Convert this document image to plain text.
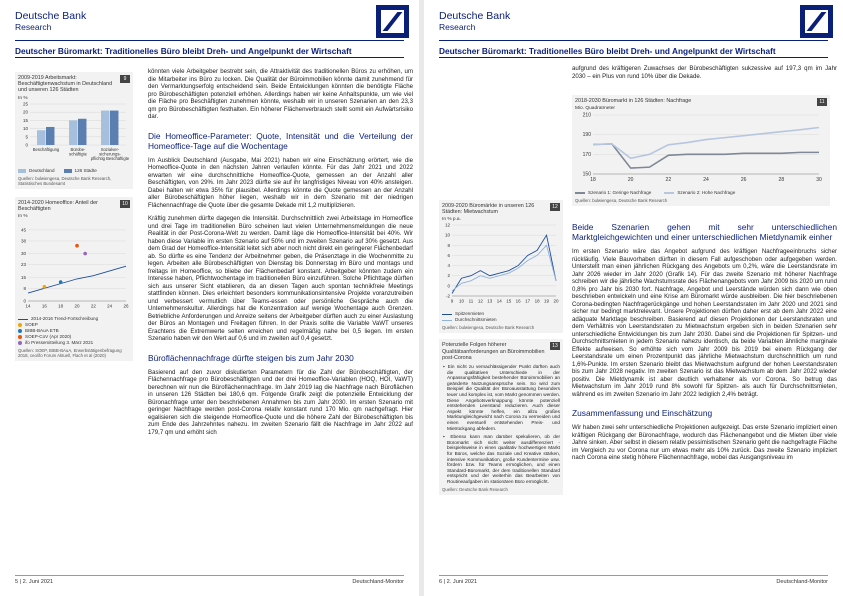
Deutsche Bank
Research
Deutscher Büromarkt: Traditionelles Büro bleibt Dreh- und Angelpunkt der Wirtschaft
2009-2019 Arbeitsmarkt: Beschäftigtenwachstum in Deutschland und unseren 126 Städten
9
In %
0
5
10
15
20
25
Beschäftigung	Bürobe-
schäftigte
Sozialver-
sicherungs-
pflichtig Beschäftigte
Deutschland	126 Städte
Quellen: bulwiengesa, Deutsche Bank Research, Statistisches Bundesamt
2014-2020 Homeoffice: Anteil der Beschäftigten
10
In %
0
8
15
23
30
38
45
14	16	18	20	22	24	26
2014-2016 Trend-Fortschreibung
SOEP
BIBB-BAuA ETB
SOEP-CoV (Apr 2020)
ifo Pressemitteilung 3. März 2021
Quellen: SOEP, BIBB-BAuA, Erwerbstätigenbefragung 2018, ceo/ifo Forum Aktuell, Flach et al (2020)

könnten viele Arbeitgeber bestrebt sein, die Attraktivität des traditionellen Büros zu erhöhen, um die Mitarbeiter ins Büro zu locken. Die Qualität der Büroimmobilien könnte damit zunehmend für den Vermarktungserfolg entscheidend sein. Beide Entwicklungen könnten die benötigte Fläche pro Bürobeschäftigten potenziell erhöhen. Allerdings haben wir keine Anhaltspunkte, um wie viel die Fläche pro Beschäftigten zunehmen könnte, weshalb wir in unseren Szenarien an den 23,3 qm pro Bürobeschäftigten festhalten. Ein höherer Flächenverbrauch stellt somit ein Aufwärtsrisiko dar.

Die Homeoffice-Parameter: Quote, Intensität und die Verteilung der Homeoffice-Tage auf die Wochentage

Im Ausblick Deutschland (Ausgabe, Mai 2021) haben wir eine Einschätzung erörtert, wie die Homeoffice-Quote in den nächsten Jahren verlaufen könnte. Für das Jahr 2021 und 2022 erwarten wir eine durchschnittliche Homeoffice-Quote, gemessen an der Anzahl aller Beschäftigten, von 29%. Im Jahr 2023 dürfte sie auf ihr langfristiges Niveau von 40% ansteigen. Dabei halten wir etwa 35% für plausibel. Allerdings könnte die Quote gemessen an der Anzahl aller Bürobeschäftigten höher liegen, weshalb wir in dem Szenario mit der niedrigen Flächennachfrage die Quote über die gesamte Dekade mit 1,2 multiplizieren.

Kräftig zunehmen dürfte dagegen die Intensität. Durchschnittlich zwei Arbeitstage im Homeoffice und drei Tage im traditionellen Büro scheinen laut vielen Unternehmensmeldungen die neue Realität in der Post-Corona-Welt zu werden. Damit läge die Homeoffice-Intensität bei 40%. Wir haben diese Variable im ersten Szenario auf 50% und im zweiten Szenario auf 30% gesetzt. Aus dem Grad der Homeoffice-Intensität leitet sich aber noch nicht direkt ein geringerer Flächenbedarf ab. So dürfte es eine Tendenz der Arbeitnehmer geben, die Präsenztage in die Wochenmitte zu legen. Arbeiten alle Bürobeschäftigten von Dienstag bis Donnerstag im Büro und montags und freitags im Homeoffice, so bliebe der Flächenbedarf konstant. Arbeitgeber könnten zudem ein Interesse haben, Pflichtwochentage im traditionellen Büro einzuführen. Solche Pflichttage dürften sich aus unserer Sicht etablieren, da an diesen Tagen auch spontan technikfreie Meetings stattfinden können. Dies erleichtert besonders kommunikationsintensive Projekte voranzutreiben und verbessert vermutlich über Teams-essen oder persönliche Gespräche auch die Unternehmenskultur. Allerdings hat die Konzentration auf wenige Wochentage auch Grenzen. Betriebliche Anforderungen und Anreize seitens der Arbeitgeber dürften auch zu einer Auslastung der Büros an Montagen und Freitagen führen. In der Praxis sollte die Variable VaWT unseres Erachtens die Extremwerte selten erreichen und regelmäßig nahe bei 0,5 liegen. Im ersten Szenario haben wir den Wert auf 0,6 und im zweiten auf 0,4 gesetzt.

Büroflächennachfrage dürfte steigen bis zum Jahr 2030

Basierend auf den zuvor diskutierten Parametern für die Zahl der Bürobeschäftigten, der Flächennachfrage pro Bürobeschäftigten und der drei Homeoffice-Variablen (HOQ, HOI, VaWT) berechnen wir nun die Büroflächennachfrage. Im Jahr 2019 lag die Nachfrage nach Büroflächen in unseren 126 Städten bei 180,6 qm. Folgende Grafik zeigt die potenzielle Entwicklung der Büronachfrage unter den beschriebenen Annahmen bis zum Jahr 2030. Im ersten Szenario mit geringer Nachfrage werden post-Corona relativ konstant rund 170 Mio. qm nachgefragt. Hier egalisieren sich die steigende Homeoffice-Quote und die höhere Zahl der Bürobeschäftigten bis zum Ende des Jahrzehntes nahezu. Im zweiten Szenario fällt die Nachfrage im Jahr 2022 auf 179,7 qm und erhöht sich

5 | 2. Juni 2021	Deutschland-Monitor
Deutsche Bank
Research
Deutscher Büromarkt: Traditionelles Büro bleibt Dreh- und Angelpunkt der Wirtschaft

aufgrund des kräftigeren Zuwachses der Bürobeschäftigten sukzessive auf 197,3 qm im Jahr 2030 – ein Plus von rund 10% über die Dekade.

2018-2030 Büromarkt in 126 Städten: Nachfrage	11
Mio. Quadratmeter
150
170
190
210
18	20	22	24	26	28	30
Szenario 1: Geringe Nachfrage	Szenario 2: Hohe Nachfrage
Quellen: bulwiengesa, Deutsche Bank Research
2009-2020 Büromärkte in unseren 126 Städten: Mietwachstum
12
In % p.a.
-2
0
2
4
6
8
10
12
9 10 11 12 13 14 15 16 17 18 19 20
Spitzenmieten
Durchschnittsmieten
Quellen: bulwiengesa, Deutsche Bank Research
Potenzielle Folgen höherer Qualitätsanforderungen an Büroimmobilien post-Corona
13
▪ Ein nicht zu vernachlässigender Punkt dürften auch die qualitativen Unterschiede in der Anpassungsfähigkeit bestehender Büroimmobilien an geänderte Nutzungsansprüche sein. So wird zum Beispiel die Qualität der Büroausstattung besonders teuer und komplex ist, vom Markt genommen werden. Diese Angebotsverknappung könnte potenziell entstehenden Leerstand reduzieren. Auch dieser Aspekt könnte helfen, ein allzu großes Marktungleichgewicht nach Corona zu vermeiden und einen eventuell entstehenden Preis- und Mietrückgang abfedern.
▪ Ebenso kann man darüber spekulieren, ob der Büromarkt sich nicht weiter ausdifferenziert - beispielsweise in einen qualitativ hochwertigen Markt für Büros, welche das Soziale und Kreative stärken, intensive Kommunikation, große Kundentermine usw. fördern bzw. für Teams ermöglichen, und einen Standard-Büromarkt, der dem traditionellen Standard entspricht und der weiterhin das Bearbeiten von Routineaufgaben im stationären Büro ermöglicht.
Quellen: Deutsche Bank Research
Beide Szenarien gehen mit sehr unterschiedlichen Marktgleichgewichten und einer unterschiedlichen Mietdynamik einher

Im ersten Szenario wäre das Angebot aufgrund des kräftigen Nachfrageeinbruchs sicher rückläufig. Viele Bauvorhaben dürften in diesem Fall aufgeschoben oder aufgegeben werden. Unterstellt man einen jährlichen Rückgang des Angebots um 0,2%, wäre die Leerstandsrate im Jahr 2026 wieder im Jahr 2020 (Grafik 14). Für das zweite Szenario mit höherer Nachfrage schreiben wir die jährliche Wachstumsrate des Flächenangebots vom Jahr 2009 bis 2020 um rund 0,8% pro Jahr bis 2030 fort. Nachfrage, Angebot und Leerstände würden sich dann wie oben beschrieben entwickeln und eine Krise am Büromarkt würde ausbleiben. Die hier beschriebenen Corona-bedingten Nachfragerückgänge und hohen Leerstandsraten im Jahr 2020 und 2021 sind sicher nur bedingt marktrelevant. Unsere Projektionen dürften daher erst ab dem Jahr 2022 eine adäquate Marktlage beschreiben. Basierend auf diesen Projektionen der Leerstandsraten und dem Verhältnis von Leerstandsraten zu Mietwachstum ergeben sich in beiden Szenarien sehr unterschiedliche Entwicklungen bis zum Jahr 2030. Dabei sind die Projektionen für Spitzen- und Durchschnittsmieten in jedem Szenario nahezu identisch, da beide Variablen ähnliche marginale Effekte aufweisen. So erhöhte sich vom Jahr 2009 bis 2019 bei einem Rückgang der Leerstandsrate um einen Prozentpunkt das jährliche Mietwachstum durchschnittlich um rund 1,6%-Punkte. Im ersten Szenario bleibt das Mietwachstum aufgrund der hohen Leerstandsraten bis zum Jahr 2028 negativ. Im zweiten Szenario ist das Mietwachstum ab dem Jahr 2022 wieder positiv. Die Mietdynamik ist aber deutlich verhaltener als vor Corona. So betrug das Mietwachstum im Jahr 2019 rund 8% sowohl für Spitzen- als auch für Durchschnittsmieten, während es im zweiten Szenario im Jahr 2022 lediglich 2,4% beträgt.

Zusammenfassung und Einschätzung

Wir haben zwei sehr unterschiedliche Projektionen aufgezeigt. Das erste Szenario impliziert einen kräftigen Rückgang der Büronachfrage, wodurch das Flächenangebot und die Mieten über viele Jahre sinken. Aber selbst in diesem relativ pessimistischen Szenario geht die nachgefragte Fläche im Vergleich zu vor Corona nur um etwas mehr als 10% zurück. Das zweite Szenario impliziert nach Corona eine stetig höhere Flächennachfrage, wobei das Ausgangsniveau im

6 | 2. Juni 2021	Deutschland-Monitor
